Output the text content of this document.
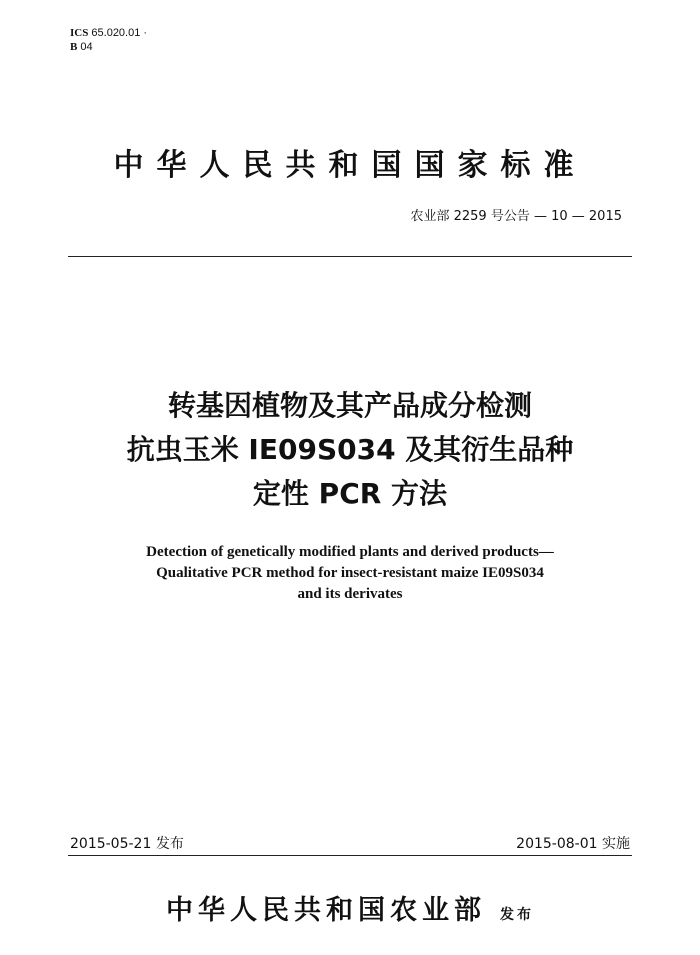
ICS 65.020.01 ·
B 04
中华人民共和国国家标准
农业部 2259 号公告 — 10 — 2015
转基因植物及其产品成分检测
抗虫玉米 IE09S034 及其衍生品种
定性 PCR 方法
Detection of genetically modified plants and derived products—
Qualitative PCR method for insect-resistant maize IE09S034
and its derivates
2015-05-21 发布	2015-08-01 实施
中华人民共和国农业部 发布
